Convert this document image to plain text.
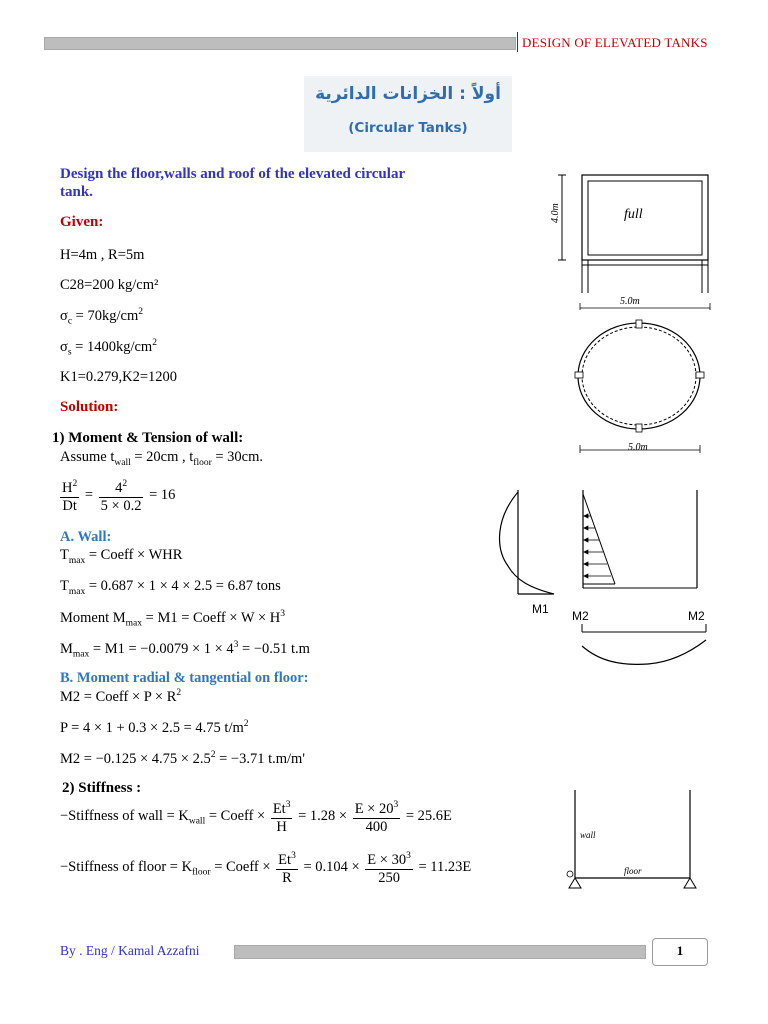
DESIGN OF ELEVATED TANKS
أولاً : الخزانات الدائرية
(Circular Tanks)
Design the floor,walls and roof of the elevated circular
tank.
Given:
H=4m , R=5m
C28=200 kg/cm²
$\sigma_c = 70kg/cm^2$
$\sigma_s = 1400kg/cm^2$
K1=0.279,K2=1200
Solution:
1) Moment & Tension of wall:
Assume $t_{wall} = 20cm$ , $t_{floor} = 30cm$.
$\frac{H^2}{Dt} = \frac{4^2}{5 \times 0.2} = 16$
A. Wall:
$T_{max}$ = Coeff × WHR
$T_{max} = 0.687 \times 1 \times 4 \times 2.5 = 6.87$ tons
Moment $M_{max} = M1$ = Coeff × $W \times H^3$
$M_{max} = M1 = -0.0079 \times 1 \times 4^3 = -0.51$ t.m
B. Moment radial & tangential on floor:
M2 = Coeff × $P \times R^2$
P = 4 × 1 + 0.3 × 2.5 = 4.75 $t/m^2$
$M2 = -0.125 \times 4.75 \times 2.5^2 = -3.71$ t.m/m'
2) Stiffness :
−Stiffness of wall = $K_{wall}$ = Coeff × $\frac{Et^3}{H} = 1.28 \times \frac{E \times 20^3}{400} = 25.6E$
−Stiffness of floor = $K_{floor}$ = Coeff × $\frac{Et^3}{R} = 0.104 \times \frac{E \times 30^3}{250} = 11.23E$
4.0m	full
5.0m
5.0m
M1 M2	M2
wall
floor
By . Eng / Kamal Azzafni	1
